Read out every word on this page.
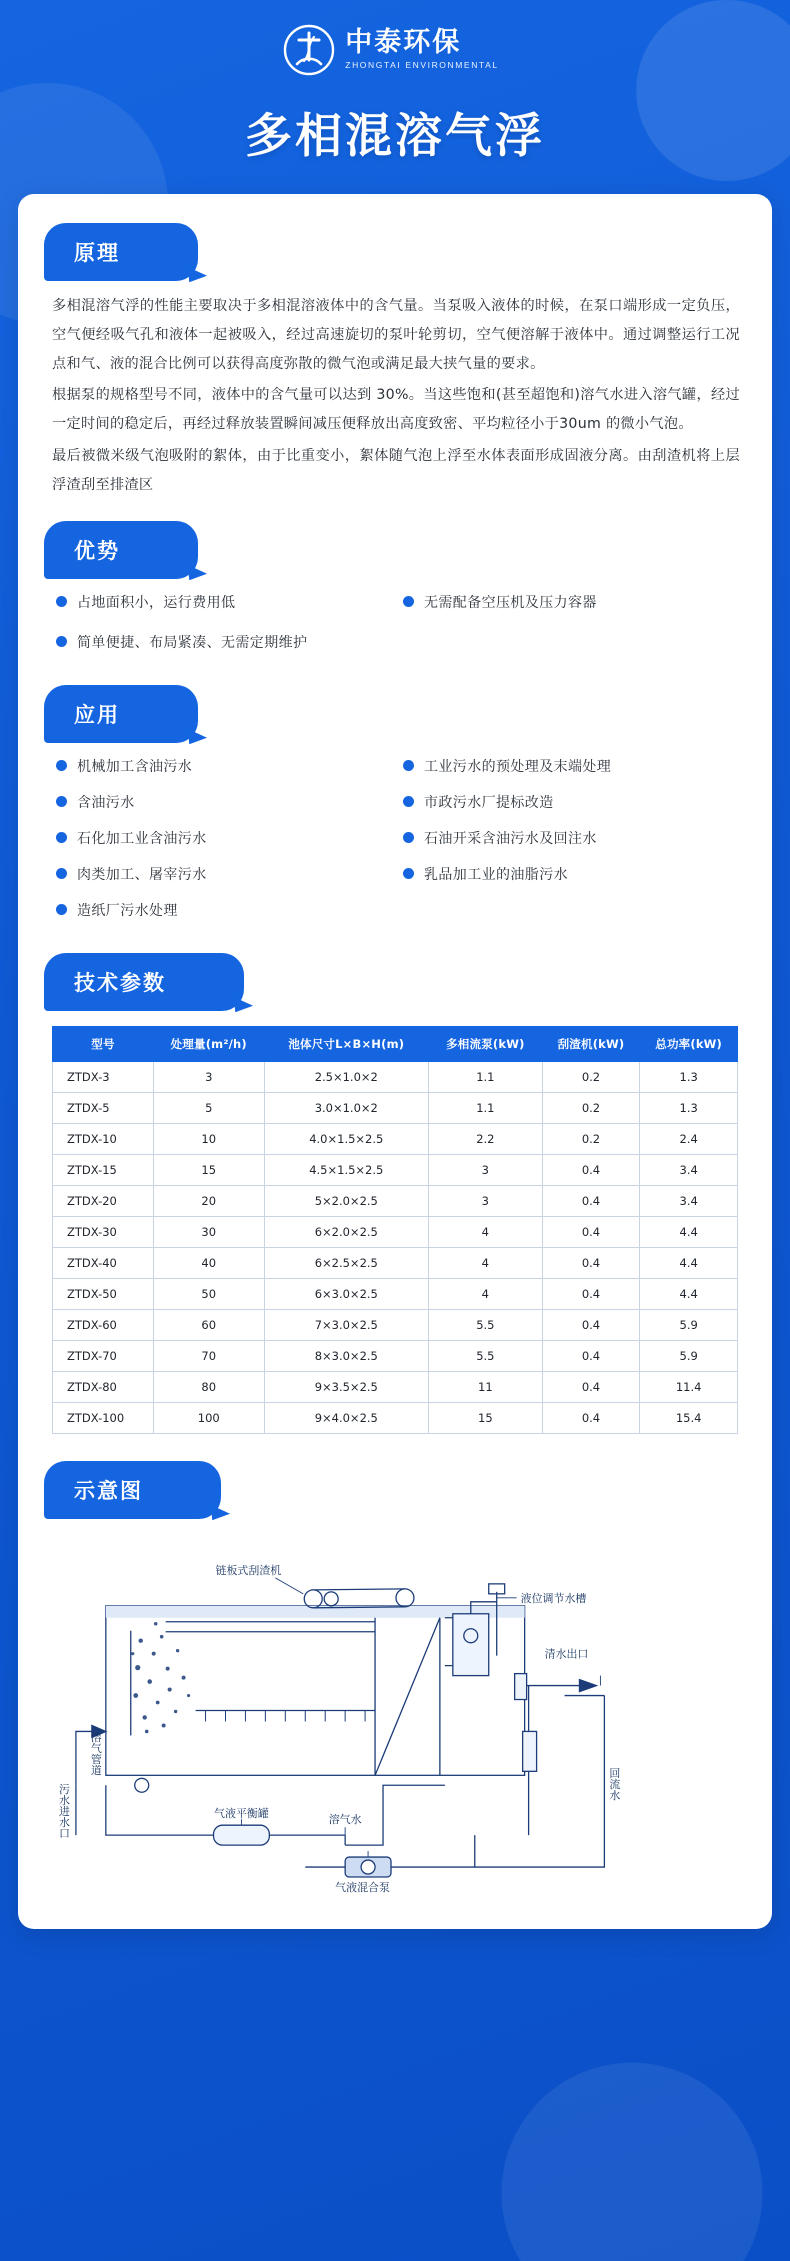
中泰环保
ZHONGTAI ENVIRONMENTAL
多相混溶气浮
原理

多相混溶气浮的性能主要取决于多相混溶液体中的含气量。当泵吸入液体的时候，在泵口端形成一定负压，空气便经吸气孔和液体一起被吸入，经过高速旋切的泵叶轮剪切，空气便溶解于液体中。通过调整运行工况点和气、液的混合比例可以获得高度弥散的微气泡或满足最大挟气量的要求。

根据泵的规格型号不同，液体中的含气量可以达到 30%。当这些饱和(甚至超饱和)溶气水进入溶气罐，经过一定时间的稳定后，再经过释放装置瞬间减压便释放出高度致密、平均粒径小于30um 的微小气泡。

最后被微米级气泡吸附的絮体，由于比重变小，絮体随气泡上浮至水体表面形成固液分离。由刮渣机将上层浮渣刮至排渣区

优势
占地面积小，运行费用低	无需配备空压机及压力容器
简单便捷、布局紧凑、无需定期维护
应用
机械加工含油污水	工业污水的预处理及末端处理
含油污水	市政污水厂提标改造
石化加工业含油污水	石油开采含油污水及回注水
肉类加工、屠宰污水	乳品加工业的油脂污水
造纸厂污水处理
技术参数
型号	处理量(m²/h)	池体尺寸L×B×H(m)	多相流泵(kW)	刮渣机(kW)	总功率(kW)
ZTDX-3	3	2.5×1.0×2	1.1	0.2	1.3
ZTDX-5	5	3.0×1.0×2	1.1	0.2	1.3
ZTDX-10	10	4.0×1.5×2.5	2.2	0.2	2.4
ZTDX-15	15	4.5×1.5×2.5	3	0.4	3.4
ZTDX-20	20	5×2.0×2.5	3	0.4	3.4
ZTDX-30	30	6×2.0×2.5	4	0.4	4.4
ZTDX-40	40	6×2.5×2.5	4	0.4	4.4
ZTDX-50	50	6×3.0×2.5	4	0.4	4.4
ZTDX-60	60	7×3.0×2.5	5.5	0.4	5.9
ZTDX-70	70	8×3.0×2.5	5.5	0.4	5.9
ZTDX-80	80	9×3.5×2.5	11	0.4	11.4
ZTDX-100	100	9×4.0×2.5	15	0.4	15.4
示意图
链板式刮渣机
液位调节水槽
清水出口
气液平衡罐	溶气水
气液混合泵
污水进水口
溶气管道
回流水
